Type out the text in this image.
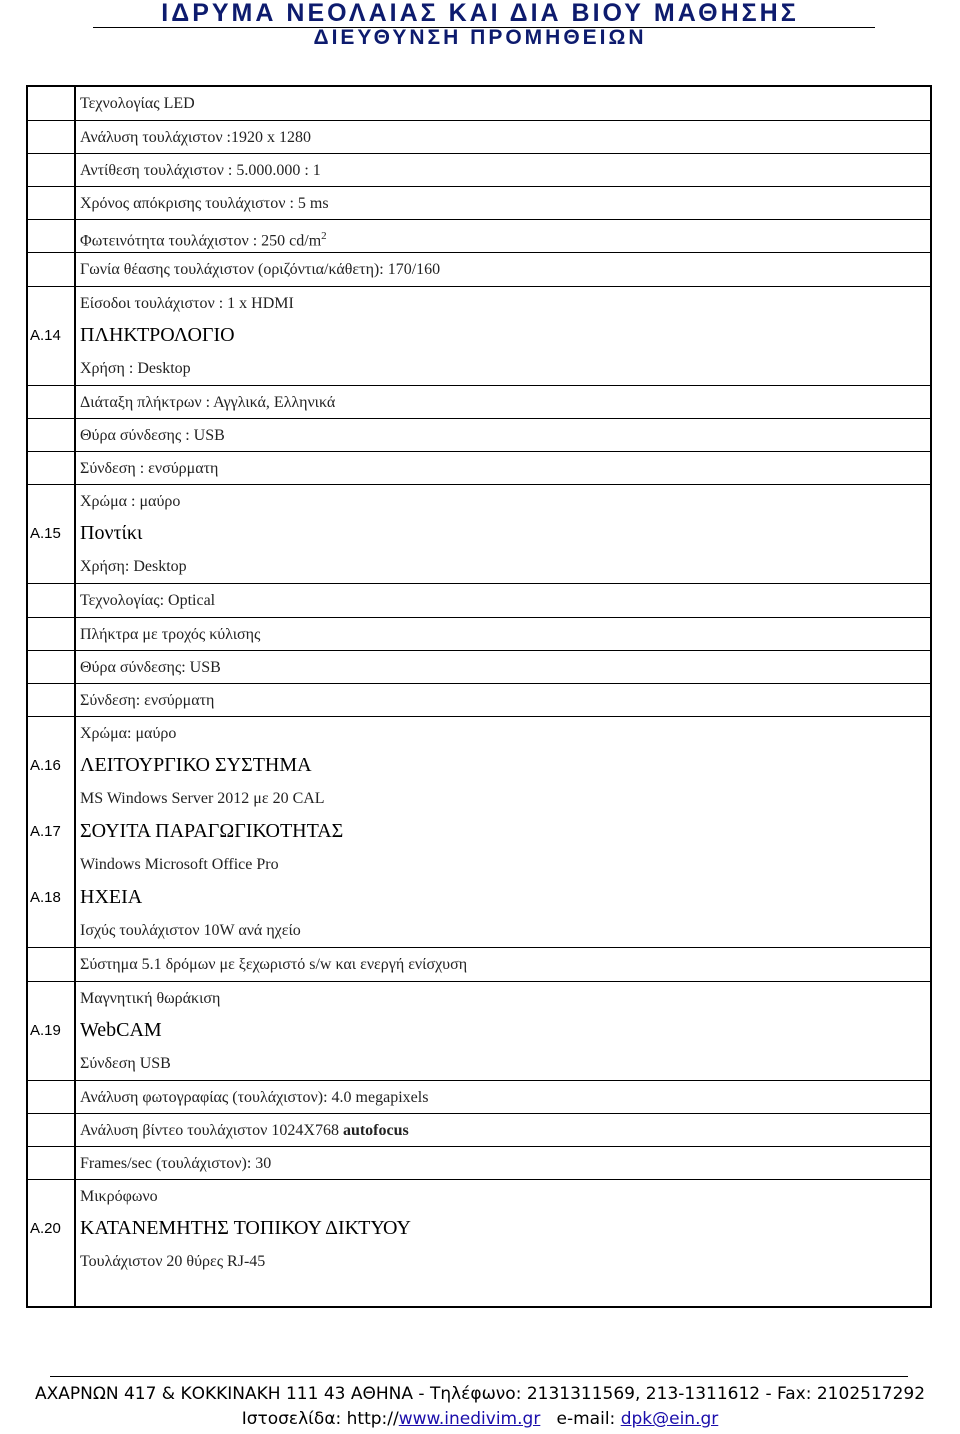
ΙΔΡΥΜΑ ΝΕΟΛΑΙΑΣ ΚΑΙ ΔΙΑ ΒΙΟΥ ΜΑΘΗΣΗΣ
ΔΙΕΥΘΥΝΣΗ ΠΡΟΜΗΘΕΙΩΝ
Τεχνολογίας LED
Ανάλυση τουλάχιστον :1920 x 1280
Αντίθεση τουλάχιστον : 5.000.000 : 1
Χρόνος απόκρισης τουλάχιστον : 5 ms
Φωτεινότητα τουλάχιστον : 250 $cd/m^2$
Γωνία θέασης τουλάχιστον (οριζόντια/κάθετη): 170/160
Είσοδοι τουλάχιστον : 1 x HDMI
Α.14 ΠΛΗΚΤΡΟΛΟΓΙΟ
Χρήση : Desktop
Διάταξη πλήκτρων : Αγγλικά, Ελληνικά
Θύρα σύνδεσης : USB
Σύνδεση : ενσύρματη
Χρώμα : μαύρο
Α.15 Ποντίκι
Χρήση: Desktop
Τεχνολογίας: Optical
Πλήκτρα με τροχός κύλισης
Θύρα σύνδεσης: USB
Σύνδεση: ενσύρματη
Χρώμα: μαύρο
Α.16 ΛΕΙΤΟΥΡΓΙΚΟ ΣΥΣΤΗΜΑ
MS Windows Server 2012 με 20 CAL
Α.17 ΣΟΥΙΤΑ ΠΑΡΑΓΩΓΙΚΟΤΗΤΑΣ
Windows Microsoft Office Pro
Α.18 ΗΧΕΙΑ
Ισχύς τουλάχιστον 10W ανά ηχείο
Σύστημα 5.1 δρόμων με ξεχωριστό s/w και ενεργή ενίσχυση
Μαγνητική θωράκιση
Α.19 WebCAM
Σύνδεση USB
Ανάλυση φωτογραφίας (τουλάχιστον): 4.0 megapixels
Ανάλυση βίντεο τουλάχιστον 1024Χ768 autofocus
Frames/sec (τουλάχιστον): 30
Μικρόφωνο
Α.20 ΚΑΤΑΝΕΜΗΤΗΣ ΤΟΠΙΚΟΥ ΔΙΚΤΥΟΥ
Τουλάχιστον 20 θύρες RJ-45
ΑΧΑΡΝΩΝ 417 & ΚΟΚΚΙΝΑΚΗ 111 43 ΑΘΗΝΑ - Τηλέφωνο: 2131311569, 213-1311612 - Fax: 2102517292
Ιστοσελίδα: http://www.inedivim.gr e-mail: dpk@ein.gr
